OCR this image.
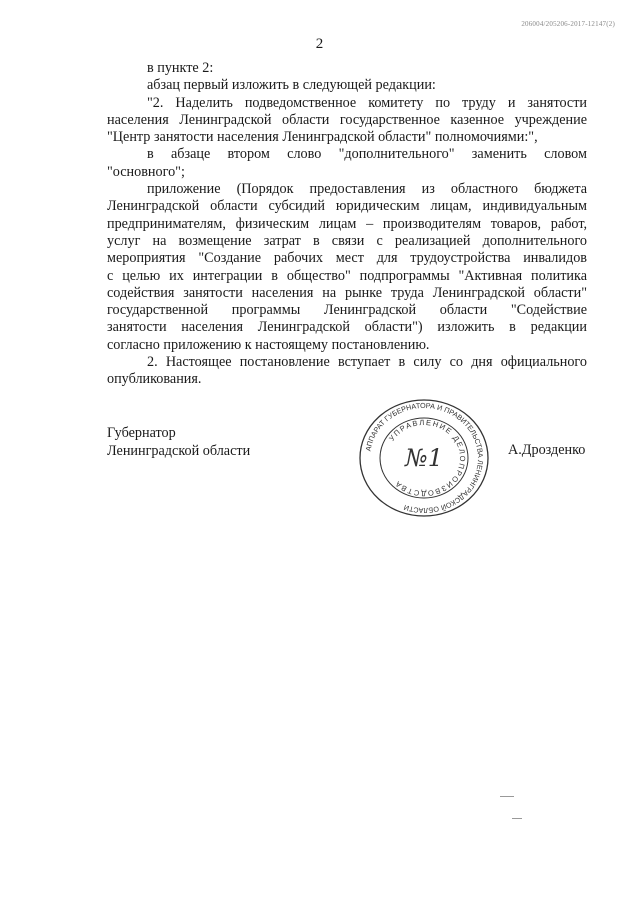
206004/205206-2017-12147(2)
2
в пункте 2:
абзац первый изложить в следующей редакции:
"2. Наделить подведомственное комитету по труду и занятости
населения Ленинградской области государственное казенное учреждение
"Центр занятости населения Ленинградской области" полномочиями:",
в абзаце втором слово "дополнительного" заменить словом
"основного";
приложение (Порядок предоставления из областного бюджета
Ленинградской области субсидий юридическим лицам, индивидуальным
предпринимателям, физическим лицам – производителям товаров, работ,
услуг на возмещение затрат в связи с реализацией дополнительного
мероприятия "Создание рабочих мест для трудоустройства инвалидов
с целью их интеграции в общество" подпрограммы "Активная политика
содействия занятости населения на рынке труда Ленинградской области"
государственной программы Ленинградской области "Содействие
занятости населения Ленинградской области") изложить в редакции
согласно приложению к настоящему постановлению.
2. Настоящее постановление вступает в силу со дня официального
опубликования.
Губернатор
Ленинградской области	АППАРАТ ГУБЕРНАТОРА И ПРАВИТЕЛЬСТВА ЛЕНИНГРАДСКОЙ ОБЛАСТИ
УПРАВЛЕНИЕ ДЕЛОПРОИЗВОДСТВА
№1	А.Дрозденко
